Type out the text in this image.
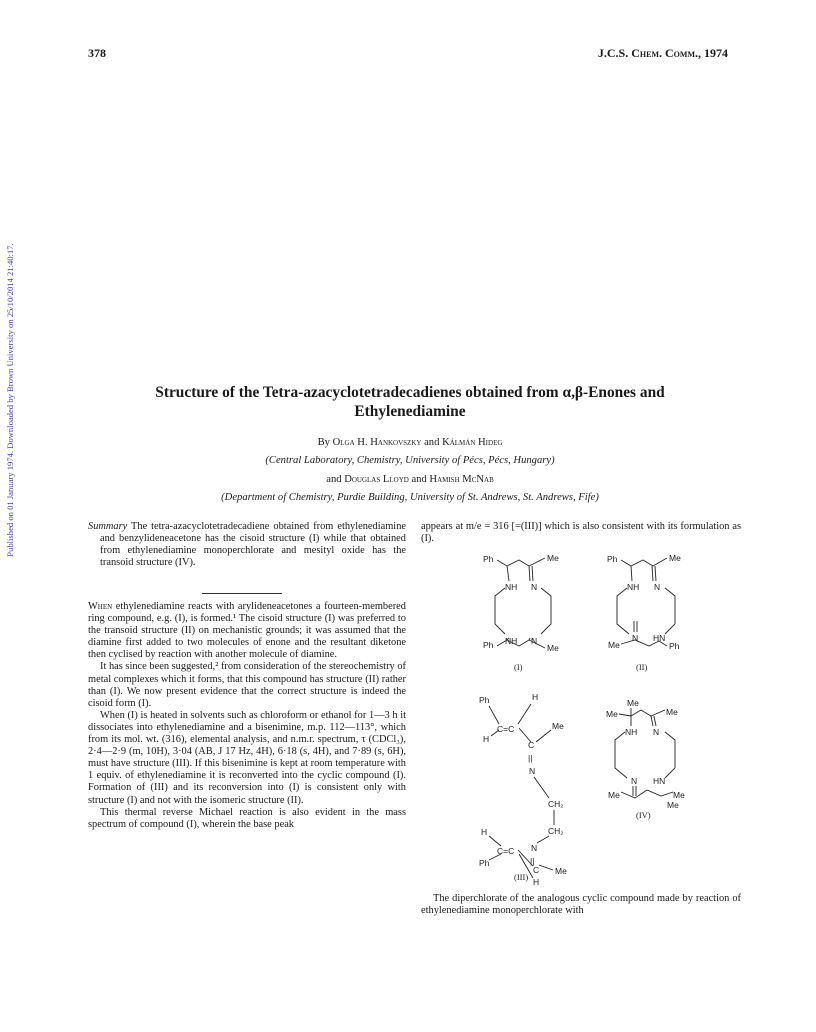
378	J.C.S. Chem. Comm., 1974
Published on 01 January 1974. Downloaded by Brown University on 25/10/2014 21:40:17.	Structure of the Tetra-azacyclotetradecadienes obtained from α,β-Enones and
Ethylenediamine
By Olga H. Hankovszky and Kálmán Hideg
(Central Laboratory, Chemistry, University of Pécs, Pécs, Hungary)
and Douglas Lloyd and Hamish McNab
(Department of Chemistry, Purdie Building, University of St. Andrews, St. Andrews, Fife)

Summary The tetra-azacyclotetradecadiene obtained from ethylenediamine and benzylideneacetone has the cisoid structure (I) while that obtained from ethylenediamine monoperchlorate and mesityl oxide has the transoid structure (IV).

When ethylenediamine reacts with arylideneacetones a fourteen-membered ring compound, e.g. (I), is formed.¹ The cisoid structure (I) was preferred to the transoid structure (II) on mechanistic grounds; it was assumed that the diamine first added to two molecules of enone and the resultant diketone then cyclised by reaction with another molecule of diamine.

It has since been suggested,² from consideration of the stereochemistry of metal complexes which it forms, that this compound has structure (II) rather than (I). We now present evidence that the correct structure is indeed the cisoid form (I).

When (I) is heated in solvents such as chloroform or ethanol for 1—3 h it dissociates into ethylenediamine and a bisenimine, m.p. 112—113°, which from its mol. wt. (316), elemental analysis, and n.m.r. spectrum, τ (CDCl₃), 2·4—2·9 (m, 10H), 3·04 (AB, J 17 Hz, 4H), 6·18 (s, 4H), and 7·89 (s, 6H), must have structure (III). If this bisenimine is kept at room temperature with 1 equiv. of ethylenediamine it is reconverted into the cyclic compound (I). Formation of (III) and its reconversion into (I) is consistent only with structure (I) and not with the isomeric structure (II).

This thermal reverse Michael reaction is also evident in the mass spectrum of compound (I), wherein the base peak

appears at m/e = 316 [=(III)] which is also consistent with its formulation as (I).
The diperchlorate of the analogous cyclic compound made by reaction of ethylenediamine monoperchlorate with
Ph	Me
NH N
NH N
Ph	Me
(I)
Ph	Me
NH N
N HN
Me	Ph
(II)
Ph	H
C=C	Me
H
C
||
N
CH₂
CH₂
N
||
H
C Me
C=C
Ph
H
(III)
Me
Me	Me
NH N
N HN
Me	Me
Me
(IV)
